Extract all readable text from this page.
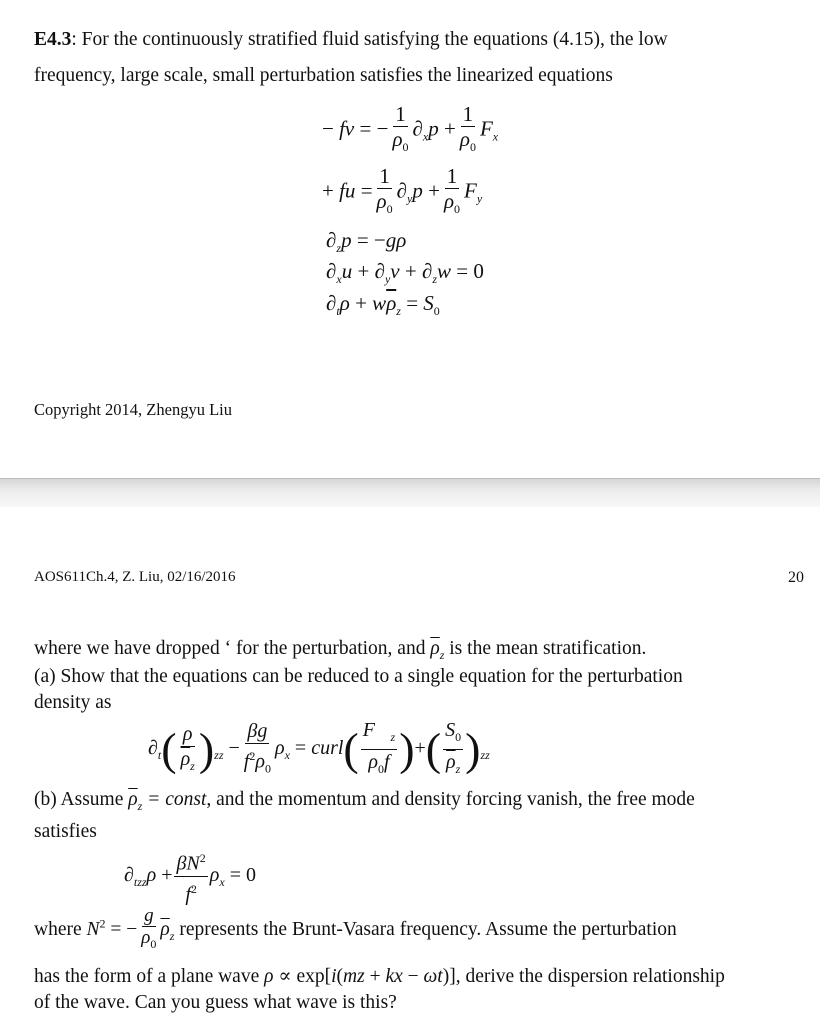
E4.3: For the continuously stratified fluid satisfying the equations (4.15), the low
frequency, large scale, small perturbation satisfies the linearized equations
− fv = − $\frac{1}{\rho_0} \partial_xp + \frac{1}{\rho_0} F_x$
+ fu = $\frac{1}{\rho_0} \partial_yp + \frac{1}{\rho_0} F_y$
$\partial_zp = -g\rho$
$\partial_xu + \partial_yv + \partial_zw = 0$
$\partial_t\rho + w\overline{\rho}_z = S_0$
Copyright 2014, Zhengyu Liu
AOS611Ch.4, Z. Liu, 02/16/2016	20
where we have dropped ‘ for the perturbation, and $\overline{\rho}_z$ is the mean stratification.
(a) Show that the equations can be reduced to a single equation for the perturbation
density as
$\partial_t( \frac{\rho}{\overline{\rho}_z} )_{zz} - \frac{\beta g}{f^2\rho_0} \rho_x$ = curl( $\frac{F⃗_z}{\rho_0f}$ )+( $\frac{S_0}{\overline{\rho}_z} )_{zz}$
(b) Assume $\overline{\rho}_z$ = const, and the momentum and density forcing vanish, the free mode
satisfies
$\partial_{tzz}\rho + \frac{\beta N^2}{f^2} \rho_x = 0$
where $N^2$ = − $\frac{g}{\rho_0} \overline{\rho}_z$ represents the Brunt-Vasara frequency. Assume the perturbation
has the form of a plane wave ρ ∝ exp[i(mz + kx − ωt)], derive the dispersion relationship
of the wave. Can you guess what wave is this?
